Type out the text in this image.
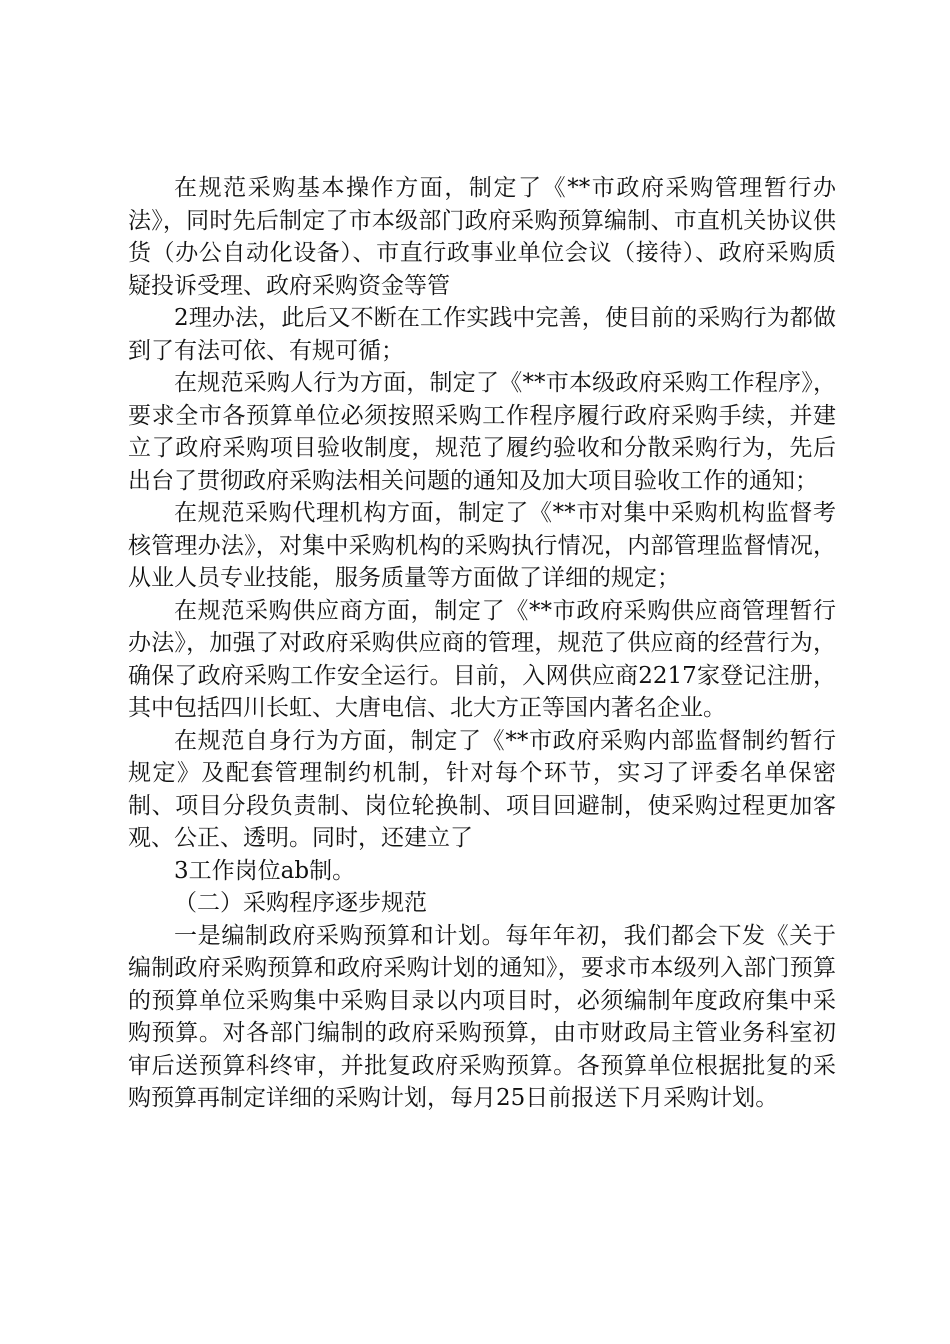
在规范采购基本操作方面，制定了《**市政府采购管理暂行办法》，同时先后制定了市本级部门政府采购预算编制、市直机关协议供货（办公自动化设备）、市直行政事业单位会议（接待）、政府采购质疑投诉受理、政府采购资金等管

2理办法，此后又不断在工作实践中完善，使目前的采购行为都做到了有法可依、有规可循；

在规范采购人行为方面，制定了《**市本级政府采购工作程序》，要求全市各预算单位必须按照采购工作程序履行政府采购手续，并建立了政府采购项目验收制度，规范了履约验收和分散采购行为，先后出台了贯彻政府采购法相关问题的通知及加大项目验收工作的通知；

在规范采购代理机构方面，制定了《**市对集中采购机构监督考核管理办法》，对集中采购机构的采购执行情况，内部管理监督情况，从业人员专业技能，服务质量等方面做了详细的规定；

在规范采购供应商方面，制定了《**市政府采购供应商管理暂行办法》，加强了对政府采购供应商的管理，规范了供应商的经营行为，确保了政府采购工作安全运行。目前，入网供应商2217家登记注册，其中包括四川长虹、大唐电信、北大方正等国内著名企业。

在规范自身行为方面，制定了《**市政府采购内部监督制约暂行规定》及配套管理制约机制，针对每个环节，实习了评委名单保密制、项目分段负责制、岗位轮换制、项目回避制，使采购过程更加客观、公正、透明。同时，还建立了

3工作岗位ab制。

（二）采购程序逐步规范

一是编制政府采购预算和计划。每年年初，我们都会下发《关于编制政府采购预算和政府采购计划的通知》，要求市本级列入部门预算的预算单位采购集中采购目录以内项目时，必须编制年度政府集中采购预算。对各部门编制的政府采购预算，由市财政局主管业务科室初审后送预算科终审，并批复政府采购预算。各预算单位根据批复的采购预算再制定详细的采购计划，每月25日前报送下月采购计划。
